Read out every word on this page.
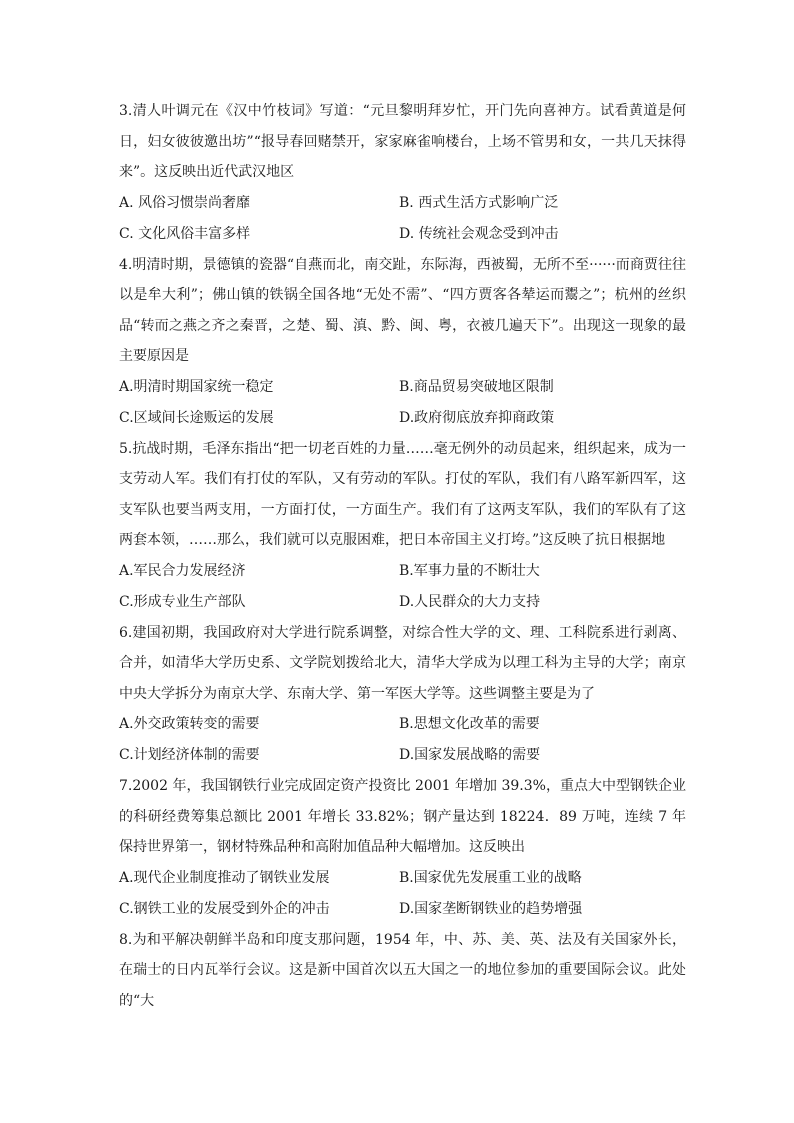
3.清人叶调元在《汉中竹枝词》写道：“元旦黎明拜岁忙，开门先向喜神方。试看黄道是何日，妇女彼彼邀出坊”“报导春回赌禁开，家家麻雀响楼台，上场不管男和女，一共几天抹得来”。这反映出近代武汉地区

A. 风俗习惯崇尚奢靡	B. 西式生活方式影响广泛
C. 文化风俗丰富多样	D. 传统社会观念受到冲击

4.明清时期，景德镇的瓷器“自燕而北，南交趾，东际海，西被蜀，无所不至······而商贾往往以是牟大利”；佛山镇的铁锅全国各地“无处不需”、“四方贾客各辇运而鬻之”；杭州的丝织品“转而之燕之齐之秦晋，之楚、蜀、滇、黔、闽、粤，衣被几遍天下”。出现这一现象的最主要原因是

A.明清时期国家统一稳定	B.商品贸易突破地区限制
C.区域间长途贩运的发展	D.政府彻底放弃抑商政策

5.抗战时期，毛泽东指出“把一切老百姓的力量……毫无例外的动员起来，组织起来，成为一支劳动人军。我们有打仗的军队，又有劳动的军队。打仗的军队，我们有八路军新四军，这支军队也要当两支用，一方面打仗，一方面生产。我们有了这两支军队，我们的军队有了这两套本领，……那么，我们就可以克服困难，把日本帝国主义打垮。”这反映了抗日根据地

A.军民合力发展经济	B.军事力量的不断壮大
C.形成专业生产部队	D.人民群众的大力支持

6.建国初期，我国政府对大学进行院系调整，对综合性大学的文、理、工科院系进行剥离、合并，如清华大学历史系、文学院划拨给北大，清华大学成为以理工科为主导的大学；南京中央大学拆分为南京大学、东南大学、第一军医大学等。这些调整主要是为了

A.外交政策转变的需要	B.思想文化改革的需要
C.计划经济体制的需要	D.国家发展战略的需要

7.2002 年，我国钢铁行业完成固定资产投资比 2001 年增加 39.3%，重点大中型钢铁企业的科研经费筹集总额比 2001 年增长 33.82%；钢产量达到 18224．89 万吨，连续 7 年保持世界第一，钢材特殊品种和高附加值品种大幅增加。这反映出

A.现代企业制度推动了钢铁业发展	B.国家优先发展重工业的战略
C.钢铁工业的发展受到外企的冲击	D.国家垄断钢铁业的趋势增强

8.为和平解决朝鲜半岛和印度支那问题，1954 年，中、苏、美、英、法及有关国家外长，在瑞士的日内瓦举行会议。这是新中国首次以五大国之一的地位参加的重要国际会议。此处的“大
